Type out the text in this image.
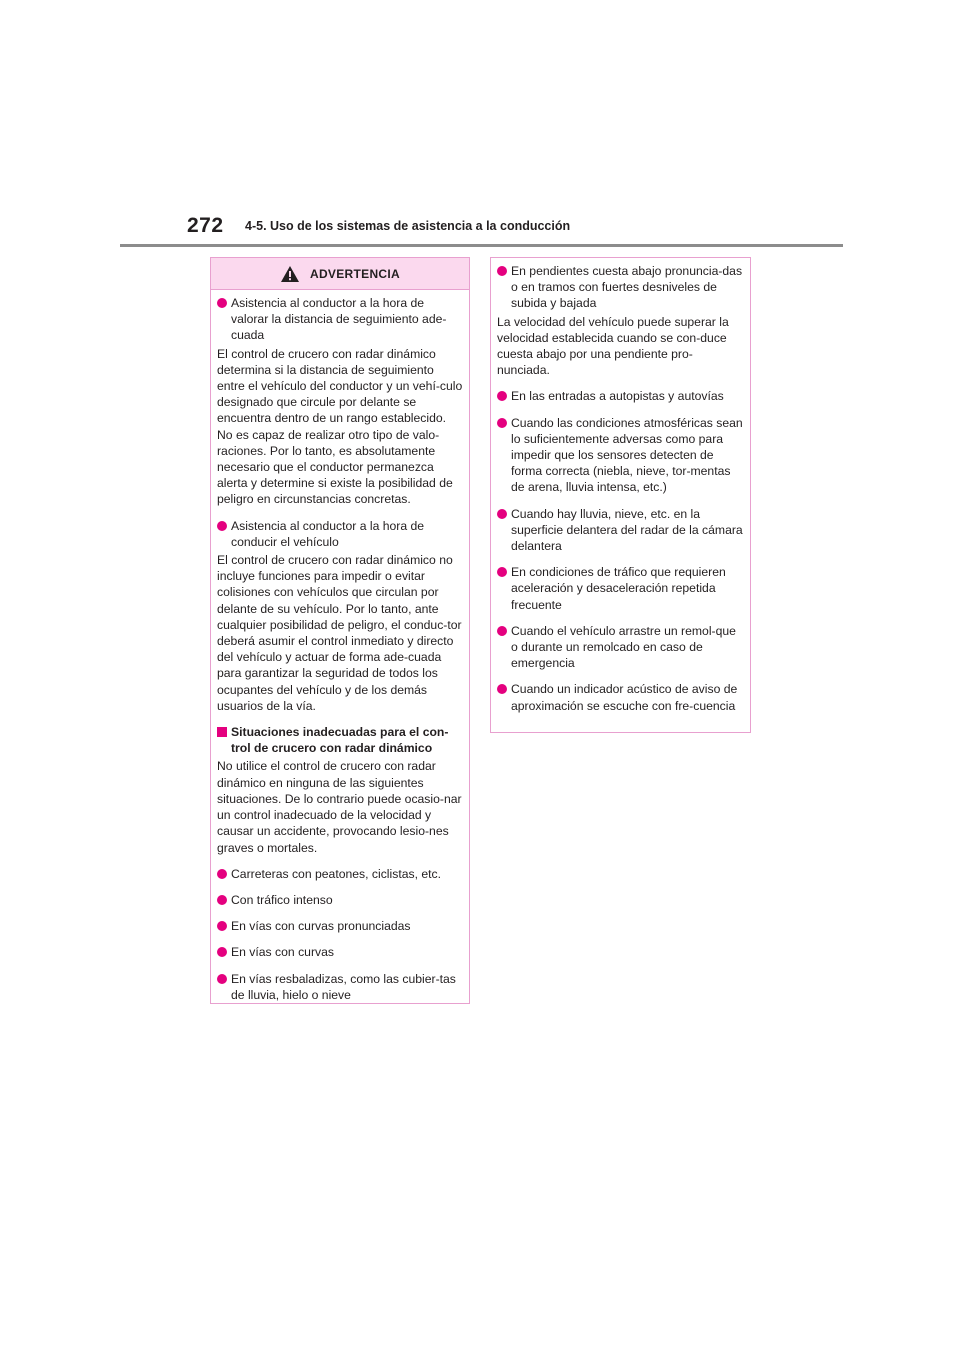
272 4-5. Uso de los sistemas de asistencia a la conducción
ADVERTENCIA
Asistencia al conductor a la hora de valorar la distancia de seguimiento ade-cuada

El control de crucero con radar dinámico determina si la distancia de seguimiento entre el vehículo del conductor y un vehí-culo designado que circule por delante se encuentra dentro de un rango establecido. No es capaz de realizar otro tipo de valo-raciones. Por lo tanto, es absolutamente necesario que el conductor permanezca alerta y determine si existe la posibilidad de peligro en circunstancias concretas.

Asistencia al conductor a la hora de conducir el vehículo

El control de crucero con radar dinámico no incluye funciones para impedir o evitar colisiones con vehículos que circulan por delante de su vehículo. Por lo tanto, ante cualquier posibilidad de peligro, el conduc-tor deberá asumir el control inmediato y directo del vehículo y actuar de forma ade-cuada para garantizar la seguridad de todos los ocupantes del vehículo y de los demás usuarios de la vía.

Situaciones inadecuadas para el con-trol de crucero con radar dinámico

No utilice el control de crucero con radar dinámico en ninguna de las siguientes situaciones. De lo contrario puede ocasio-nar un control inadecuado de la velocidad y causar un accidente, provocando lesio-nes graves o mortales.

Carreteras con peatones, ciclistas, etc.
Con tráfico intenso
En vías con curvas pronunciadas
En vías con curvas
En vías resbaladizas, como las cubier-tas de lluvia, hielo o nieve
En pendientes cuesta abajo pronuncia-das o en tramos con fuertes desniveles de subida y bajada

La velocidad del vehículo puede superar la velocidad establecida cuando se con-duce cuesta abajo por una pendiente pro-nunciada.

En las entradas a autopistas y autovías
Cuando las condiciones atmosféricas sean lo suficientemente adversas como para impedir que los sensores detecten de forma correcta (niebla, nieve, tor-mentas de arena, lluvia intensa, etc.)
Cuando hay lluvia, nieve, etc. en la superficie delantera del radar de la cámara delantera
En condiciones de tráfico que requieren aceleración y desaceleración repetida frecuente
Cuando el vehículo arrastre un remol-que o durante un remolcado en caso de emergencia
Cuando un indicador acústico de aviso de aproximación se escuche con fre-cuencia
